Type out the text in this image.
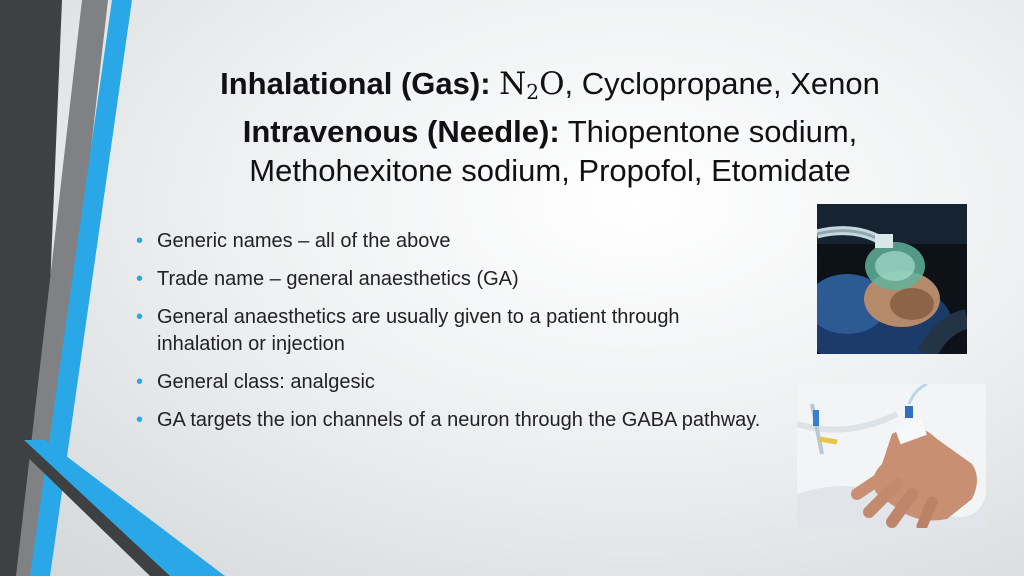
Inhalational (Gas): $N_2O$, Cyclopropane, Xenon
Intravenous (Needle): Thiopentone sodium,
Methohexitone sodium, Propofol, Etomidate
• Generic names – all of the above
• Trade name – general anaesthetics (GA)
• General anaesthetics are usually given to a patient through inhalation or injection
• General class: analgesic
• GA targets the ion channels of a neuron through the GABA pathway.
